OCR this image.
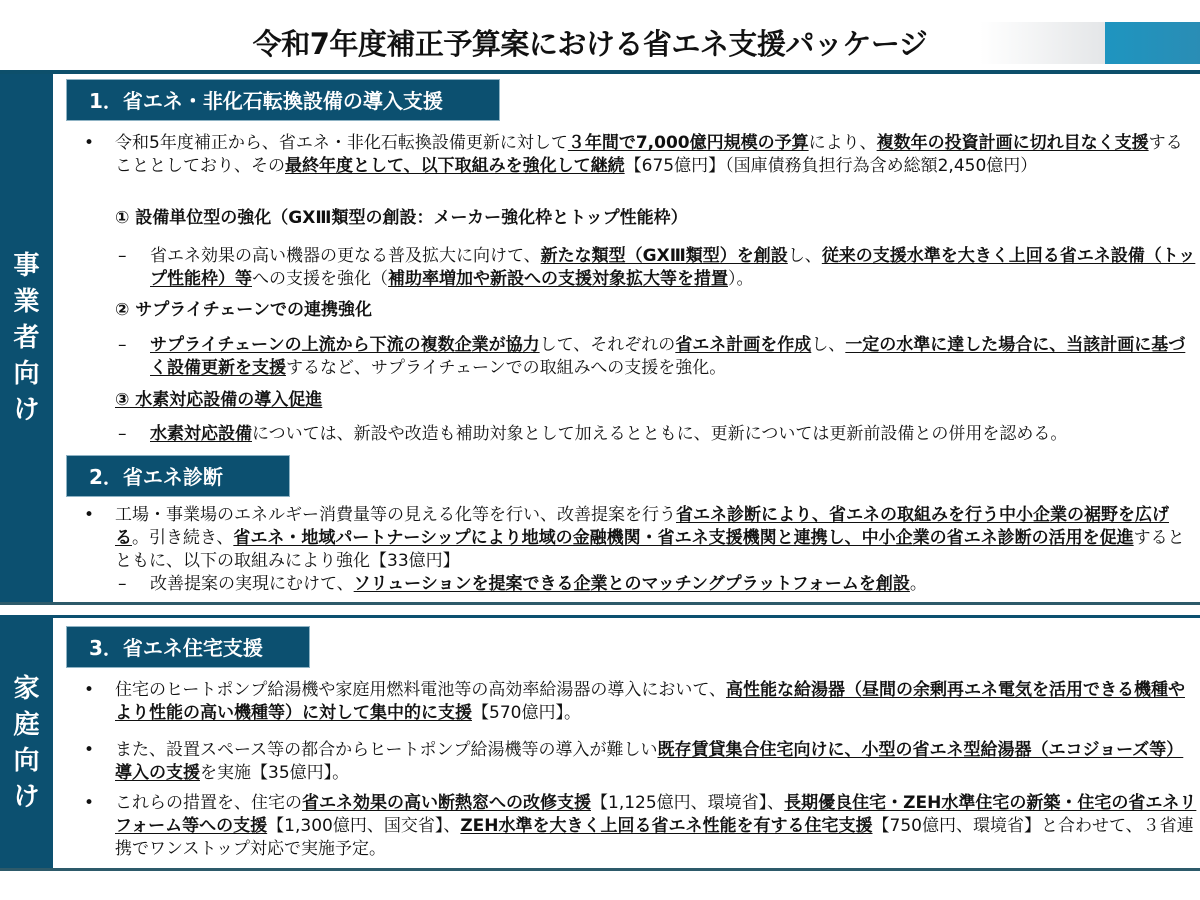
令和7年度補正予算案における省エネ支援パッケージ
事
業
者
向
け
家
庭
向
け
1．省エネ・非化石転換設備の導入支援
• 令和5年度補正から、省エネ・非化石転換設備更新に対して３年間で7,000億円規模の予算により、複数年の投資計画に切れ目なく支援することとしており、その最終年度として、以下取組みを強化して継続【675億円】（国庫債務負担行為含め総額2,450億円）
① 設備単位型の強化（GXⅢ類型の創設：メーカー強化枠とトップ性能枠）
– 省エネ効果の高い機器の更なる普及拡大に向けて、新たな類型（GXⅢ類型）を創設し、従来の支援水準を大きく上回る省エネ設備（トップ性能枠）等への支援を強化（補助率増加や新設への支援対象拡大等を措置）。
② サプライチェーンでの連携強化
– サプライチェーンの上流から下流の複数企業が協力して、それぞれの省エネ計画を作成し、一定の水準に達した場合に、当該計画に基づく設備更新を支援するなど、サプライチェーンでの取組みへの支援を強化。
③ 水素対応設備の導入促進
– 水素対応設備については、新設や改造も補助対象として加えるとともに、更新については更新前設備との併用を認める。
2．省エネ診断
• 工場・事業場のエネルギー消費量等の見える化等を行い、改善提案を行う省エネ診断により、省エネの取組みを行う中小企業の裾野を広げる。引き続き、省エネ・地域パートナーシップにより地域の金融機関・省エネ支援機関と連携し、中小企業の省エネ診断の活用を促進するとともに、以下の取組みにより強化【33億円】
– 改善提案の実現にむけて、ソリューションを提案できる企業とのマッチングプラットフォームを創設。
3．省エネ住宅支援
• 住宅のヒートポンプ給湯機や家庭用燃料電池等の高効率給湯器の導入において、高性能な給湯器（昼間の余剰再エネ電気を活用できる機種やより性能の高い機種等）に対して集中的に支援【570億円】。
• また、設置スペース等の都合からヒートポンプ給湯機等の導入が難しい既存賃貸集合住宅向けに、小型の省エネ型給湯器（エコジョーズ等）導入の支援を実施【35億円】。
• これらの措置を、住宅の省エネ効果の高い断熱窓への改修支援【1,125億円、環境省】、長期優良住宅・ZEH水準住宅の新築・住宅の省エネリフォーム等への支援【1,300億円、国交省】、ZEH水準を大きく上回る省エネ性能を有する住宅支援【750億円、環境省】と合わせて、３省連携でワンストップ対応で実施予定。
